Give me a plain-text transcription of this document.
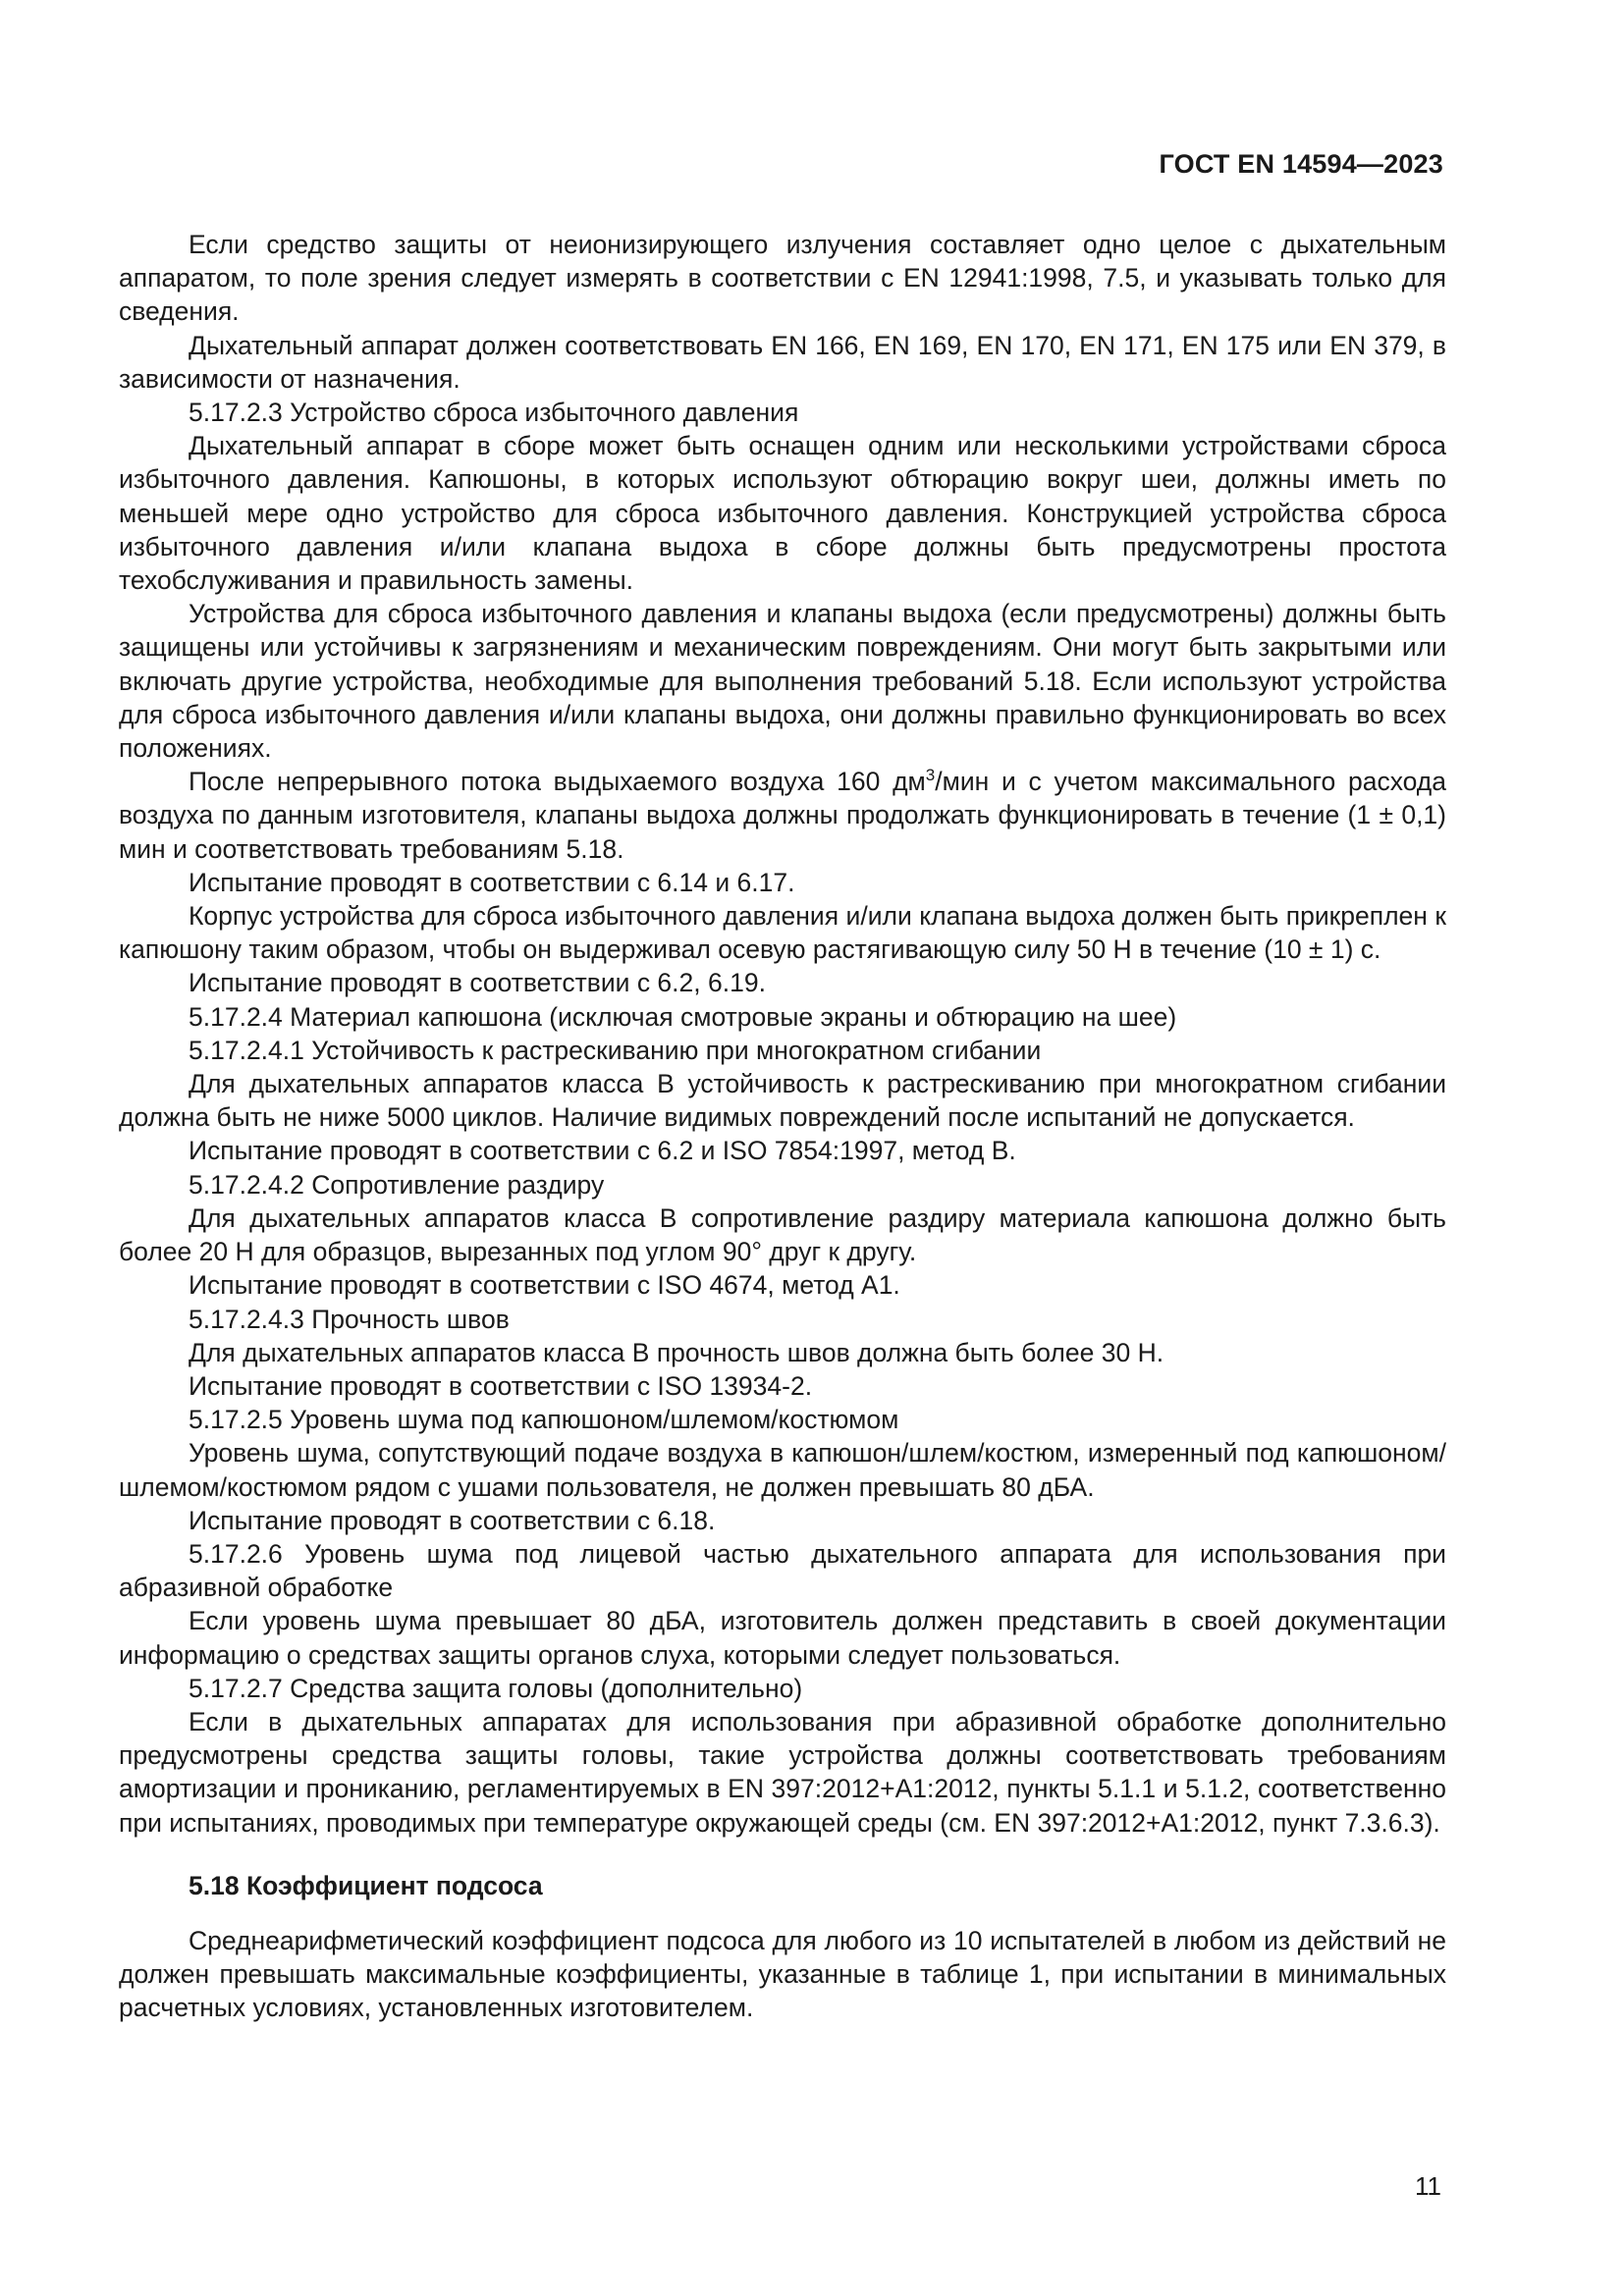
ГОСТ EN 14594—2023

Если средство защиты от неионизирующего излучения составляет одно целое с дыхательным аппаратом, то поле зрения следует измерять в соответствии с EN 12941:1998, 7.5, и указывать только для сведения.

Дыхательный аппарат должен соответствовать EN 166, EN 169, EN 170, EN 171, EN 175 или EN 379, в зависимости от назначения.

5.17.2.3 Устройство сброса избыточного давления

Дыхательный аппарат в сборе может быть оснащен одним или несколькими устройствами сброса избыточного давления. Капюшоны, в которых используют обтюрацию вокруг шеи, должны иметь по меньшей мере одно устройство для сброса избыточного давления. Конструкцией устройства сброса избыточного давления и/или клапана выдоха в сборе должны быть предусмотрены простота техобслуживания и правильность замены.

Устройства для сброса избыточного давления и клапаны выдоха (если предусмотрены) должны быть защищены или устойчивы к загрязнениям и механическим повреждениям. Они могут быть закрытыми или включать другие устройства, необходимые для выполнения требований 5.18. Если используют устройства для сброса избыточного давления и/или клапаны выдоха, они должны правильно функционировать во всех положениях.

После непрерывного потока выдыхаемого воздуха 160 $дм^3$/мин и с учетом максимального расхода воздуха по данным изготовителя, клапаны выдоха должны продолжать функционировать в течение (1 ± 0,1) мин и соответствовать требованиям 5.18.

Испытание проводят в соответствии с 6.14 и 6.17.

Корпус устройства для сброса избыточного давления и/или клапана выдоха должен быть прикреплен к капюшону таким образом, чтобы он выдерживал осевую растягивающую силу 50 Н в течение (10 ± 1) с.

Испытание проводят в соответствии с 6.2, 6.19.

5.17.2.4 Материал капюшона (исключая смотровые экраны и обтюрацию на шее)

5.17.2.4.1 Устойчивость к растрескиванию при многократном сгибании

Для дыхательных аппаратов класса В устойчивость к растрескиванию при многократном сгибании должна быть не ниже 5000 циклов. Наличие видимых повреждений после испытаний не допускается.

Испытание проводят в соответствии с 6.2 и ISO 7854:1997, метод В.

5.17.2.4.2 Сопротивление раздиру

Для дыхательных аппаратов класса В сопротивление раздиру материала капюшона должно быть более 20 Н для образцов, вырезанных под углом 90° друг к другу.

Испытание проводят в соответствии с ISO 4674, метод А1.

5.17.2.4.3 Прочность швов

Для дыхательных аппаратов класса В прочность швов должна быть более 30 Н.

Испытание проводят в соответствии с ISO 13934-2.

5.17.2.5 Уровень шума под капюшоном/шлемом/костюмом

Уровень шума, сопутствующий подаче воздуха в капюшон/шлем/костюм, измеренный под капюшоном/шлемом/костюмом рядом с ушами пользователя, не должен превышать 80 дБА.

Испытание проводят в соответствии с 6.18.

5.17.2.6 Уровень шума под лицевой частью дыхательного аппарата для использования при абразивной обработке

Если уровень шума превышает 80 дБА, изготовитель должен представить в своей документации информацию о средствах защиты органов слуха, которыми следует пользоваться.

5.17.2.7 Средства защита головы (дополнительно)

Если в дыхательных аппаратах для использования при абразивной обработке дополнительно предусмотрены средства защиты головы, такие устройства должны соответствовать требованиям амортизации и прониканию, регламентируемых в EN 397:2012+A1:2012, пункты 5.1.1 и 5.1.2, соответственно при испытаниях, проводимых при температуре окружающей среды (см. EN 397:2012+A1:2012, пункт 7.3.6.3).

5.18 Коэффициент подсоса

Среднеарифметический коэффициент подсоса для любого из 10 испытателей в любом из действий не должен превышать максимальные коэффициенты, указанные в таблице 1, при испытании в минимальных расчетных условиях, установленных изготовителем.

11
